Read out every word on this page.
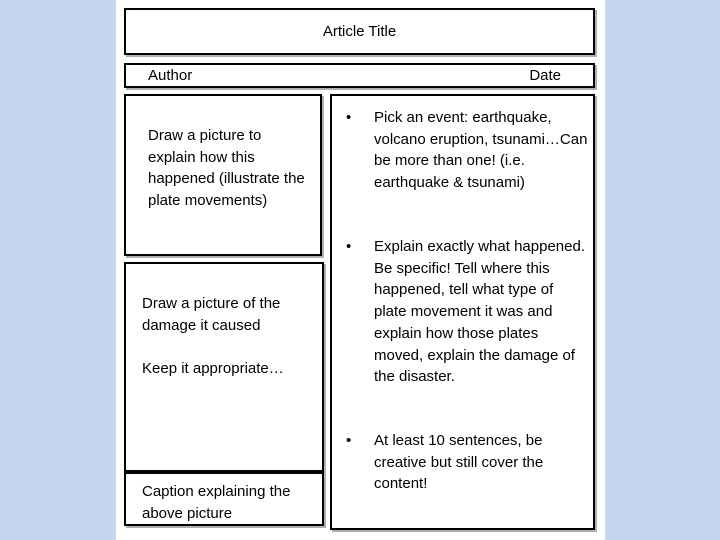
Article Title
Author	Date
Draw a picture to explain how this happened (illustrate the plate movements)
Draw a picture of the damage it caused
Keep it appropriate…
Caption explaining the above picture
• Pick an event: earthquake, volcano eruption, tsunami…Can be more than one! (i.e. earthquake & tsunami)
• Explain exactly what happened. Be specific! Tell where this happened, tell what type of plate movement it was and explain how those plates moved, explain the damage of the disaster.
• At least 10 sentences, be creative but still cover the content!
